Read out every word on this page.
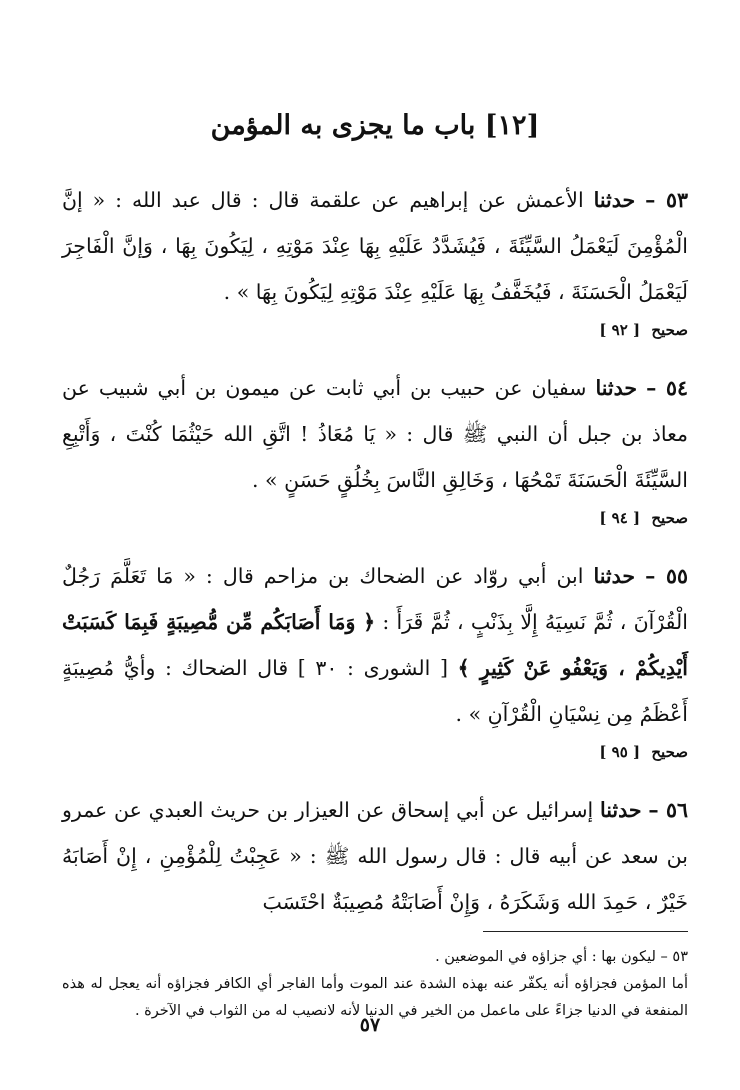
[١٢] باب ما يجزى به المؤمن

٥٣ – حدثنا الأعمش عن إبراهيم عن علقمة قال : قال عبد الله : « إنَّ الْمُؤْمِنَ لَيَعْمَلُ السَّيِّئَةَ ، فَيُشَدَّدُ عَلَيْهِ بِهَا عِنْدَ مَوْتِهِ ، لِيَكُونَ بِهَا ، وَإنَّ الْفَاجِرَ لَيَعْمَلُ الْحَسَنَةَ ، فَيُخَفَّفُ بِهَا عَلَيْهِ عِنْدَ مَوْتِهِ لِيَكُونَ بِهَا » .

صحيح [ ٩٢ ]

٥٤ – حدثنا سفيان عن حبيب بن أبي ثابت عن ميمون بن أبي شبيب عن معاذ بن جبل أن النبي ﷺ قال : « يَا مُعَاذُ ! اتَّقِ الله حَيْثُمَا كُنْتَ ، وَأَتْبِعِ السَّيِّئَةَ الْحَسَنَةَ تَمْحُهَا ، وَخَالِقِ النَّاسَ بِخُلُقٍ حَسَنٍ » .

صحيح [ ٩٤ ]

٥٥ – حدثنا ابن أبي روّاد عن الضحاك بن مزاحم قال : « مَا تَعَلَّمَ رَجُلٌ الْقُرْآنَ ، ثُمَّ نَسِيَهُ إِلَّا بِذَنْبٍ ، ثُمَّ قَرَأَ : ﴿ وَمَا أَصَابَكُم مِّن مُّصِيبَةٍ فَبِمَا كَسَبَتْ أَيْدِيكُمْ ، وَيَعْفُو عَنْ كَثِيرٍ ﴾ [ الشورى : ٣٠ ] قال الضحاك : وأيُّ مُصِيبَةٍ أَعْظَمُ مِن نِسْيَانِ الْقُرْآنِ » .

صحيح [ ٩٥ ]

٥٦ – حدثنا إسرائيل عن أبي إسحاق عن العيزار بن حريث العبدي عن عمرو بن سعد عن أبيه قال : قال رسول الله ﷺ : « عَجِبْتُ لِلْمُؤْمِنِ ، إِنْ أَصَابَهُ خَيْرٌ ، حَمِدَ الله وَشَكَرَهُ ، وَإِنْ أَصَابَتْهُ مُصِيبَةٌ احْتَسَبَ

٥٣ – ليكون بها : أي جزاؤه في الموضعين .

أما المؤمن فجزاؤه أنه يكفّر عنه بهذه الشدة عند الموت وأما الفاجر أي الكافر فجزاؤه أنه يعجل له هذه المنفعة في الدنيا جزاءً على ماعمل من الخير في الدنيا لأنه لانصيب له من الثواب في الآخرة .

٥٧
